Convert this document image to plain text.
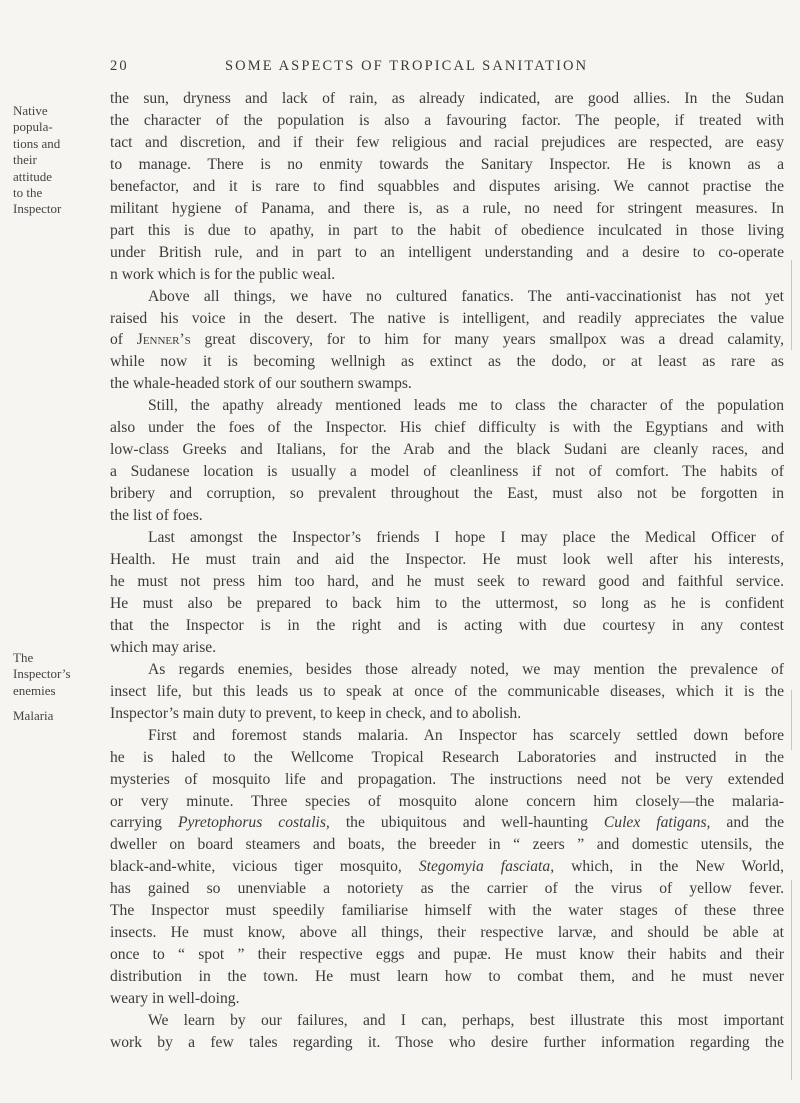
20	SOME ASPECTS OF TROPICAL SANITATION
Native
popula-
tions and
their
attitude
to the
Inspector
The
Inspector’s
enemies
Malaria

the sun, dryness and lack of rain, as already indicated, are good allies. In the Sudan

the character of the population is also a favouring factor. The people, if treated with

tact and discretion, and if their few religious and racial prejudices are respected, are easy

to manage. There is no enmity towards the Sanitary Inspector. He is known as a

benefactor, and it is rare to find squabbles and disputes arising. We cannot practise the

militant hygiene of Panama, and there is, as a rule, no need for stringent measures. In

part this is due to apathy, in part to the habit of obedience inculcated in those living

under British rule, and in part to an intelligent understanding and a desire to co-operate

n work which is for the public weal.

Above all things, we have no cultured fanatics. The anti-vaccinationist has not yet

raised his voice in the desert. The native is intelligent, and readily appreciates the value

of Jenner’s great discovery, for to him for many years smallpox was a dread calamity,

while now it is becoming wellnigh as extinct as the dodo, or at least as rare as

the whale-headed stork of our southern swamps.

Still, the apathy already mentioned leads me to class the character of the population

also under the foes of the Inspector. His chief difficulty is with the Egyptians and with

low-class Greeks and Italians, for the Arab and the black Sudani are cleanly races, and

a Sudanese location is usually a model of cleanliness if not of comfort. The habits of

bribery and corruption, so prevalent throughout the East, must also not be forgotten in

the list of foes.

Last amongst the Inspector’s friends I hope I may place the Medical Officer of

Health. He must train and aid the Inspector. He must look well after his interests,

he must not press him too hard, and he must seek to reward good and faithful service.

He must also be prepared to back him to the uttermost, so long as he is confident

that the Inspector is in the right and is acting with due courtesy in any contest

which may arise.

As regards enemies, besides those already noted, we may mention the prevalence of

insect life, but this leads us to speak at once of the communicable diseases, which it is the

Inspector’s main duty to prevent, to keep in check, and to abolish.

First and foremost stands malaria. An Inspector has scarcely settled down before

he is haled to the Wellcome Tropical Research Laboratories and instructed in the

mysteries of mosquito life and propagation. The instructions need not be very extended

or very minute. Three species of mosquito alone concern him closely—the malaria-

carrying Pyretophorus costalis, the ubiquitous and well-haunting Culex fatigans, and the

dweller on board steamers and boats, the breeder in “ zeers ” and domestic utensils, the

black-and-white, vicious tiger mosquito, Stegomyia fasciata, which, in the New World,

has gained so unenviable a notoriety as the carrier of the virus of yellow fever.

The Inspector must speedily familiarise himself with the water stages of these three

insects. He must know, above all things, their respective larvæ, and should be able at

once to “ spot ” their respective eggs and pupæ. He must know their habits and their

distribution in the town. He must learn how to combat them, and he must never

weary in well-doing.

We learn by our failures, and I can, perhaps, best illustrate this most important

work by a few tales regarding it. Those who desire further information regarding the
